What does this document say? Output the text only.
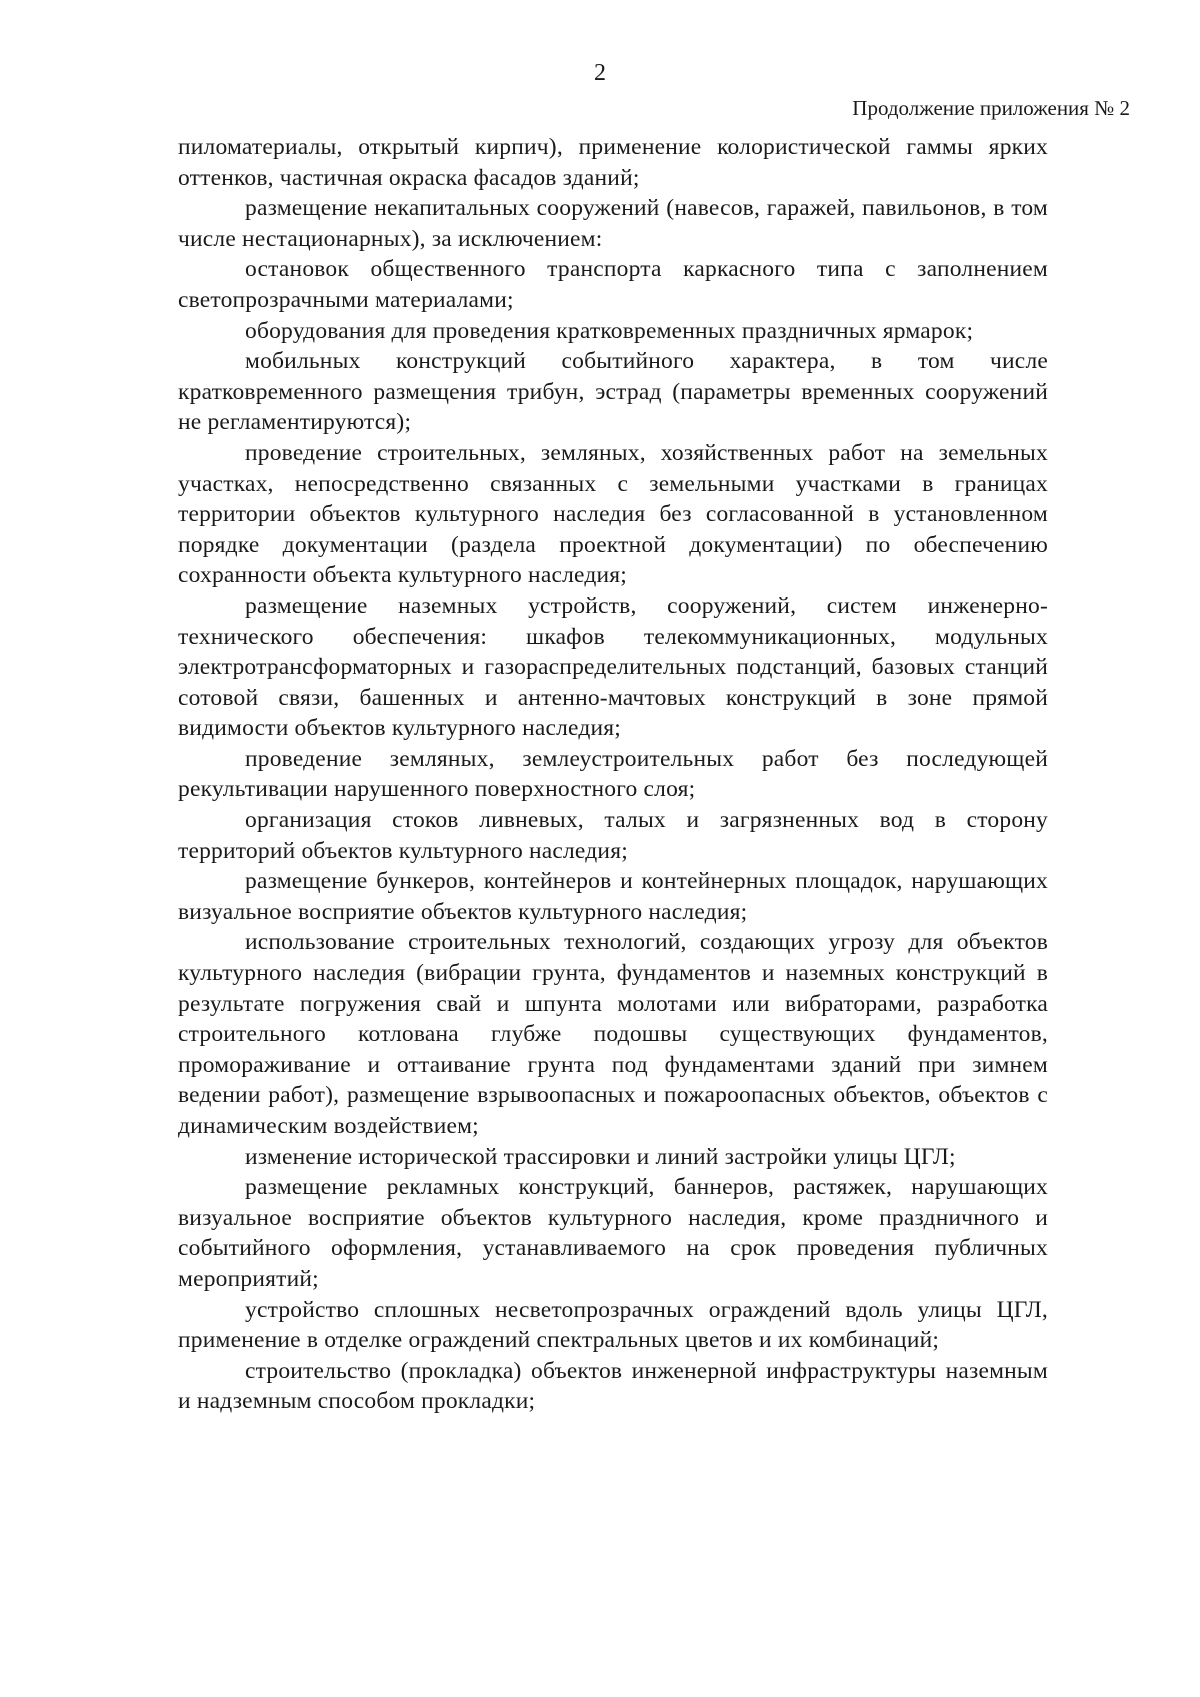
2
Продолжение приложения № 2

пиломатериалы, открытый кирпич), применение колористической гаммы ярких оттенков, частичная окраска фасадов зданий;

размещение некапитальных сооружений (навесов, гаражей, павильонов, в том числе нестационарных), за исключением:

остановок общественного транспорта каркасного типа с заполнением светопрозрачными материалами;

оборудования для проведения кратковременных праздничных ярмарок;

мобильных конструкций событийного характера, в том числе кратковременного размещения трибун, эстрад (параметры временных сооружений не регламентируются);

проведение строительных, земляных, хозяйственных работ на земельных участках, непосредственно связанных с земельными участками в границах территории объектов культурного наследия без согласованной в установленном порядке документации (раздела проектной документации) по обеспечению сохранности объекта культурного наследия;

размещение наземных устройств, сооружений, систем инженерно-технического обеспечения: шкафов телекоммуникационных, модульных электротрансформаторных и газораспределительных подстанций, базовых станций сотовой связи, башенных и антенно-мачтовых конструкций в зоне прямой видимости объектов культурного наследия;

проведение земляных, землеустроительных работ без последующей рекультивации нарушенного поверхностного слоя;

организация стоков ливневых, талых и загрязненных вод в сторону территорий объектов культурного наследия;

размещение бункеров, контейнеров и контейнерных площадок, нарушающих визуальное восприятие объектов культурного наследия;

использование строительных технологий, создающих угрозу для объектов культурного наследия (вибрации грунта, фундаментов и наземных конструкций в результате погружения свай и шпунта молотами или вибраторами, разработка строительного котлована глубже подошвы существующих фундаментов, промораживание и оттаивание грунта под фундаментами зданий при зимнем ведении работ), размещение взрывоопасных и пожароопасных объектов, объектов с динамическим воздействием;

изменение исторической трассировки и линий застройки улицы ЦГЛ;

размещение рекламных конструкций, баннеров, растяжек, нарушающих визуальное восприятие объектов культурного наследия, кроме праздничного и событийного оформления, устанавливаемого на срок проведения публичных мероприятий;

устройство сплошных несветопрозрачных ограждений вдоль улицы ЦГЛ, применение в отделке ограждений спектральных цветов и их комбинаций;

строительство (прокладка) объектов инженерной инфраструктуры наземным и надземным способом прокладки;
